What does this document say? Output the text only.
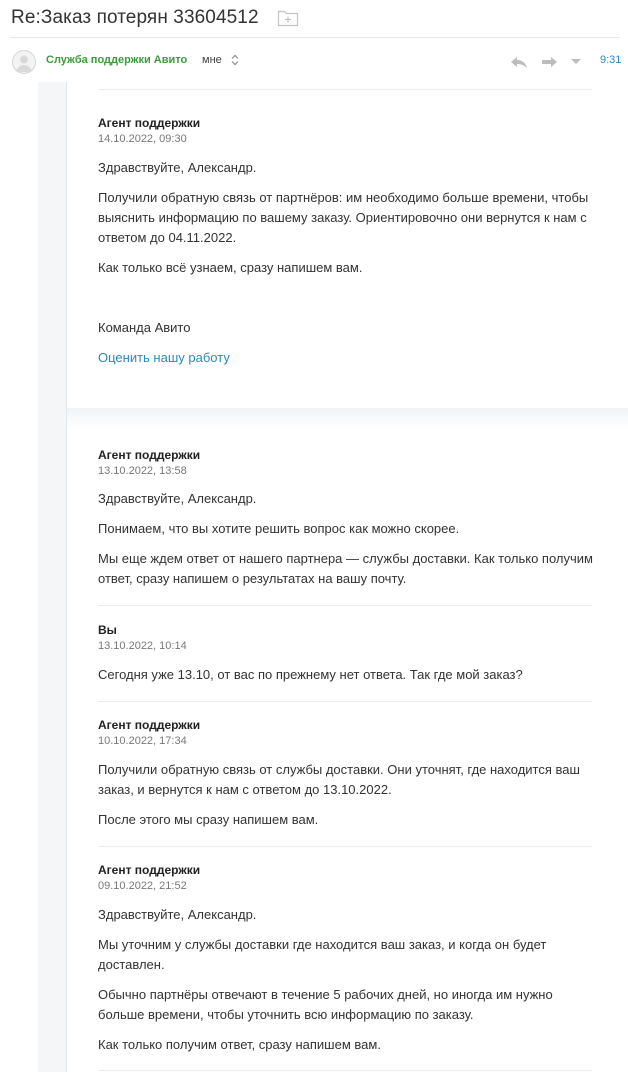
Re:Заказ потерян 33604512
Служба поддержки Авито мне	9:31
Агент поддержки
14.10.2022, 09:30
Здравствуйте, Александр.
Получили обратную связь от партнёров: им необходимо больше времени, чтобы выяснить информацию по вашему заказу. Ориентировочно они вернутся к нам с ответом до 04.11.2022.
Как только всё узнаем, сразу напишем вам.
Команда Авито
Оценить нашу работу
Агент поддержки
13.10.2022, 13:58
Здравствуйте, Александр.
Понимаем, что вы хотите решить вопрос как можно скорее.
Мы еще ждем ответ от нашего партнера — службы доставки. Как только получим ответ, сразу напишем о результатах на вашу почту.
Вы
13.10.2022, 10:14
Сегодня уже 13.10, от вас по прежнему нет ответа. Так где мой заказ?
Агент поддержки
10.10.2022, 17:34
Получили обратную связь от службы доставки. Они уточнят, где находится ваш заказ, и вернутся к нам с ответом до 13.10.2022.
После этого мы сразу напишем вам.
Агент поддержки
09.10.2022, 21:52
Здравствуйте, Александр.
Мы уточним у службы доставки где находится ваш заказ, и когда он будет доставлен.
Обычно партнёры отвечают в течение 5 рабочих дней, но иногда им нужно больше времени, чтобы уточнить всю информацию по заказу.
Как только получим ответ, сразу напишем вам.
